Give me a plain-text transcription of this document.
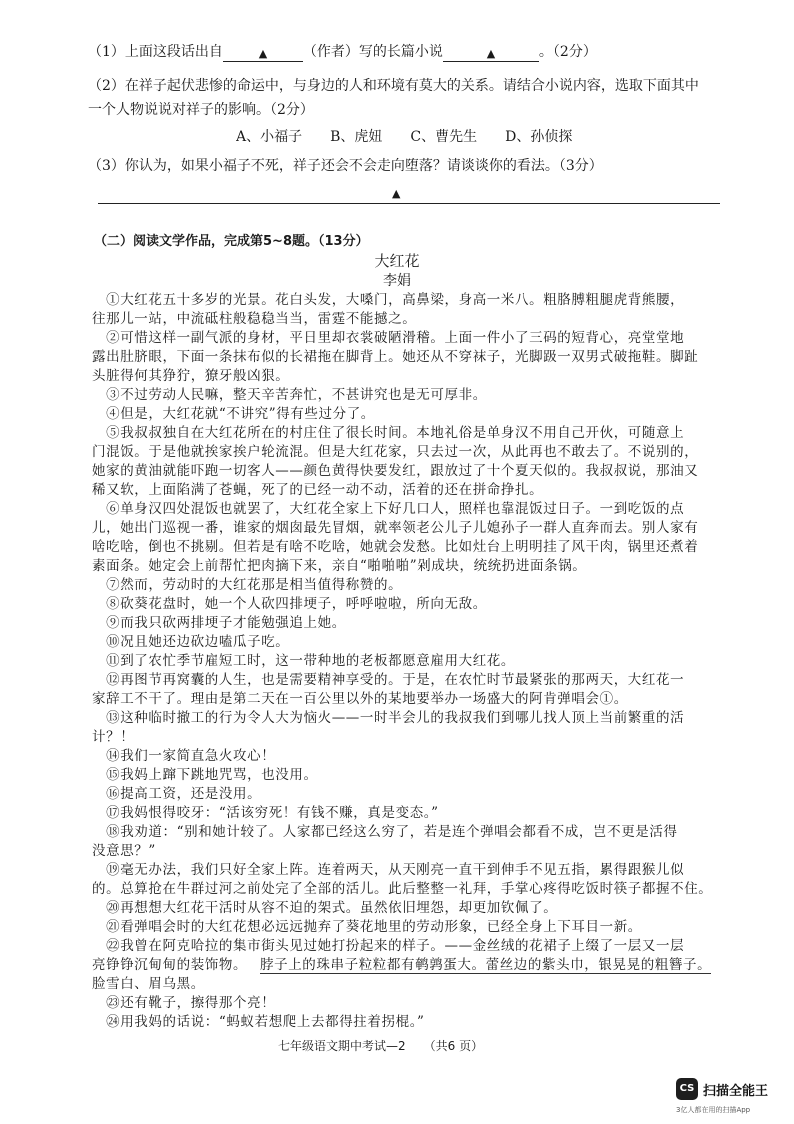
（1）上面这段话出自	▲	（作者）写的长篇小说	▲	。（2分）
（2）在祥子起伏悲惨的命运中，与身边的人和环境有莫大的关系。请结合小说内容，选取下面其中
一个人物说说对祥子的影响。（2分）
A、小福子　　B、虎妞　　C、曹先生　　D、孙侦探
（3）你认为，如果小福子不死，祥子还会不会走向堕落？请谈谈你的看法。（3分）
▲
（二）阅读文学作品，完成第5~8题。（13分）
大红花
李娟
　①大红花五十多岁的光景。花白头发，大嗓门，高鼻梁，身高一米八。粗胳膊粗腿虎背熊腰，
往那儿一站，中流砥柱般稳稳当当，雷霆不能撼之。
　②可惜这样一副气派的身材，平日里却衣裳破陋滑稽。上面一件小了三码的短背心，亮堂堂地
露出肚脐眼，下面一条抹布似的长裙拖在脚背上。她还从不穿袜子，光脚趿一双男式破拖鞋。脚趾
头脏得何其狰狞，獠牙般凶狠。
　③不过劳动人民嘛，整天辛苦奔忙，不甚讲究也是无可厚非。
　④但是，大红花就“不讲究”得有些过分了。
　⑤我叔叔独自在大红花所在的村庄住了很长时间。本地礼俗是单身汉不用自己开伙，可随意上
门混饭。于是他就挨家挨户轮流混。但是大红花家，只去过一次，从此再也不敢去了。不说别的，
她家的黄油就能吓跑一切客人——颜色黄得快要发红，跟放过了十个夏天似的。我叔叔说，那油又
稀又软，上面陷满了苍蝇，死了的已经一动不动，活着的还在拼命挣扎。
　⑥单身汉四处混饭也就罢了，大红花全家上下好几口人，照样也靠混饭过日子。一到吃饭的点
儿，她出门巡视一番，谁家的烟囱最先冒烟，就率领老公儿子儿媳孙子一群人直奔而去。别人家有
啥吃啥，倒也不挑剔。但若是有啥不吃啥，她就会发愁。比如灶台上明明挂了风干肉，锅里还煮着
素面条。她定会上前帮忙把肉摘下来，亲自“啪啪啪”剁成块，统统扔进面条锅。
　⑦然而，劳动时的大红花那是相当值得称赞的。
　⑧砍葵花盘时，她一个人砍四排埂子，呼呼啦啦，所向无敌。
　⑨而我只砍两排埂子才能勉强追上她。
　⑩况且她还边砍边嗑瓜子吃。
　⑪到了农忙季节雇短工时，这一带种地的老板都愿意雇用大红花。
　⑫再图节再窝囊的人生，也是需要精神享受的。于是，在农忙时节最紧张的那两天，大红花一
家辞工不干了。理由是第二天在一百公里以外的某地要举办一场盛大的阿肯弹唱会①。
　⑬这种临时撤工的行为令人大为恼火——一时半会儿的我叔我们到哪儿找人顶上当前繁重的活
计？！
　⑭我们一家简直急火攻心！
　⑮我妈上蹿下跳地咒骂，也没用。
　⑯提高工资，还是没用。
　⑰我妈恨得咬牙：“活该穷死！有钱不赚，真是变态。”
　⑱我劝道：“别和她计较了。人家都已经这么穷了，若是连个弹唱会都看不成，岂不更是活得
没意思？”
　⑲毫无办法，我们只好全家上阵。连着两天，从天刚亮一直干到伸手不见五指，累得跟猴儿似
的。总算抢在牛群过河之前处完了全部的活儿。此后整整一礼拜，手掌心疼得吃饭时筷子都握不住。
　⑳再想想大红花干活时从容不迫的架式。虽然依旧埋怨，却更加钦佩了。
　㉑看弹唱会时的大红花想必远远抛弃了葵花地里的劳动形象，已经全身上下耳目一新。
　㉒我曾在阿克哈拉的集市街头见过她打扮起来的样子。——金丝绒的花裙子上缀了一层又一层
亮铮铮沉甸甸的装饰物。
脸雪白、眉乌黑。
　㉓还有靴子，擦得那个亮！
　㉔用我妈的话说：“蚂蚁若想爬上去都得拄着拐棍。”
脖子上的珠串子粒粒都有鹌鹑蛋大。蕾丝边的紫头巾，银晃晃的粗簪子。
七年级语文期中考试—2　　（共6 页）
CS 扫描全能王
3亿人都在用的扫描App
